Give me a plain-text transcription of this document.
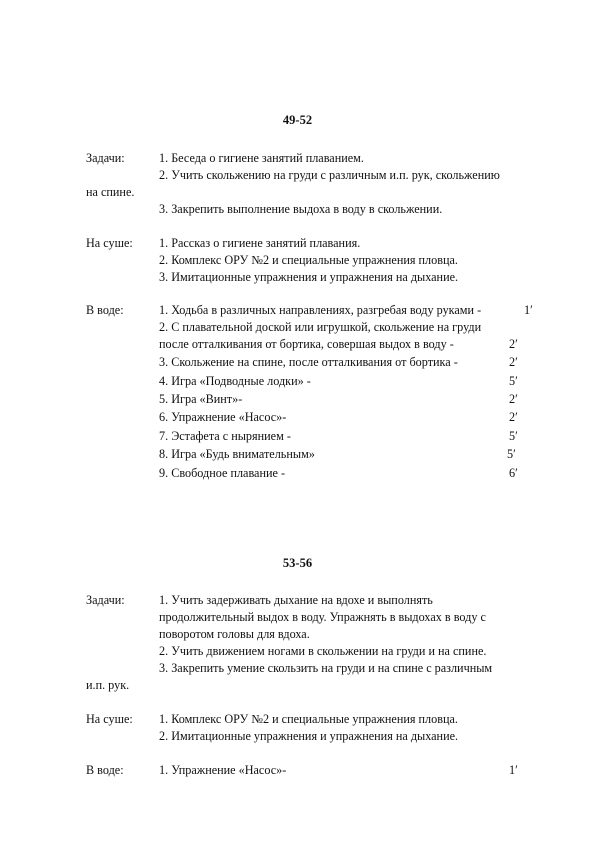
49-52
Задачи:	1. Беседа о гигиене занятий плаванием.
2. Учить скольжению на груди с различным и.п. рук, скольжению
на спине.
3. Закрепить выполнение выдоха в воду в скольжении.
На суше: 1. Рассказ о гигиене занятий плавания.
2. Комплекс ОРУ №2 и специальные упражнения пловца.
3. Имитационные упражнения и упражнения на дыхание.
В воде:	1. Ходьба в различных направлениях, разгребая воду руками -	1′
2. С плавательной доской или игрушкой, скольжение на груди
после отталкивания от бортика, совершая выдох в воду -	2′
3. Скольжение на спине, после отталкивания от бортика -	2′
4. Игра «Подводные лодки» -	5′
5. Игра «Винт»-	2′
6. Упражнение «Насос»-	2′
7. Эстафета с нырянием -	5′
8. Игра «Будь внимательным»	5′
9. Свободное плавание -	6′
53-56
Задачи:	1. Учить задерживать дыхание на вдохе и выполнять
продолжительный выдох в воду. Упражнять в выдохах в воду с
поворотом головы для вдоха.
2. Учить движением ногами в скольжении на груди и на спине.
3. Закрепить умение скользить на груди и на спине с различным
и.п. рук.
На суше: 1. Комплекс ОРУ №2 и специальные упражнения пловца.
2. Имитационные упражнения и упражнения на дыхание.
В воде:	1. Упражнение «Насос»-	1′
